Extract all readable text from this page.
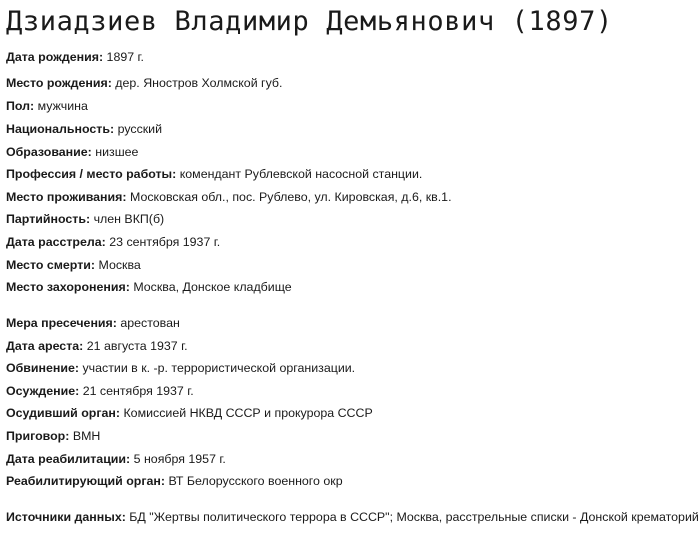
Дзиадзиев Владимир Демьянович (1897)
Дата рождения: 1897 г.
Место рождения: дер. Яностров Холмской губ.
Пол: мужчина
Национальность: русский
Образование: низшее
Профессия / место работы: комендант Рублевской насосной станции.
Место проживания: Московская обл., пос. Рублево, ул. Кировская, д.6, кв.1.
Партийность: член ВКП(б)
Дата расстрела: 23 сентября 1937 г.
Место смерти: Москва
Место захоронения: Москва, Донское кладбище
Мера пресечения: арестован
Дата ареста: 21 августа 1937 г.
Обвинение: участии в к. -р. террористической организации.
Осуждение: 21 сентября 1937 г.
Осудивший орган: Комиссией НКВД СССР и прокурора СССР
Приговор: ВМН
Дата реабилитации: 5 ноября 1957 г.
Реабилитирующий орган: ВТ Белорусского военного окр
Источники данных: БД "Жертвы политического террора в СССР"; Москва, расстрельные списки - Донской крематорий
